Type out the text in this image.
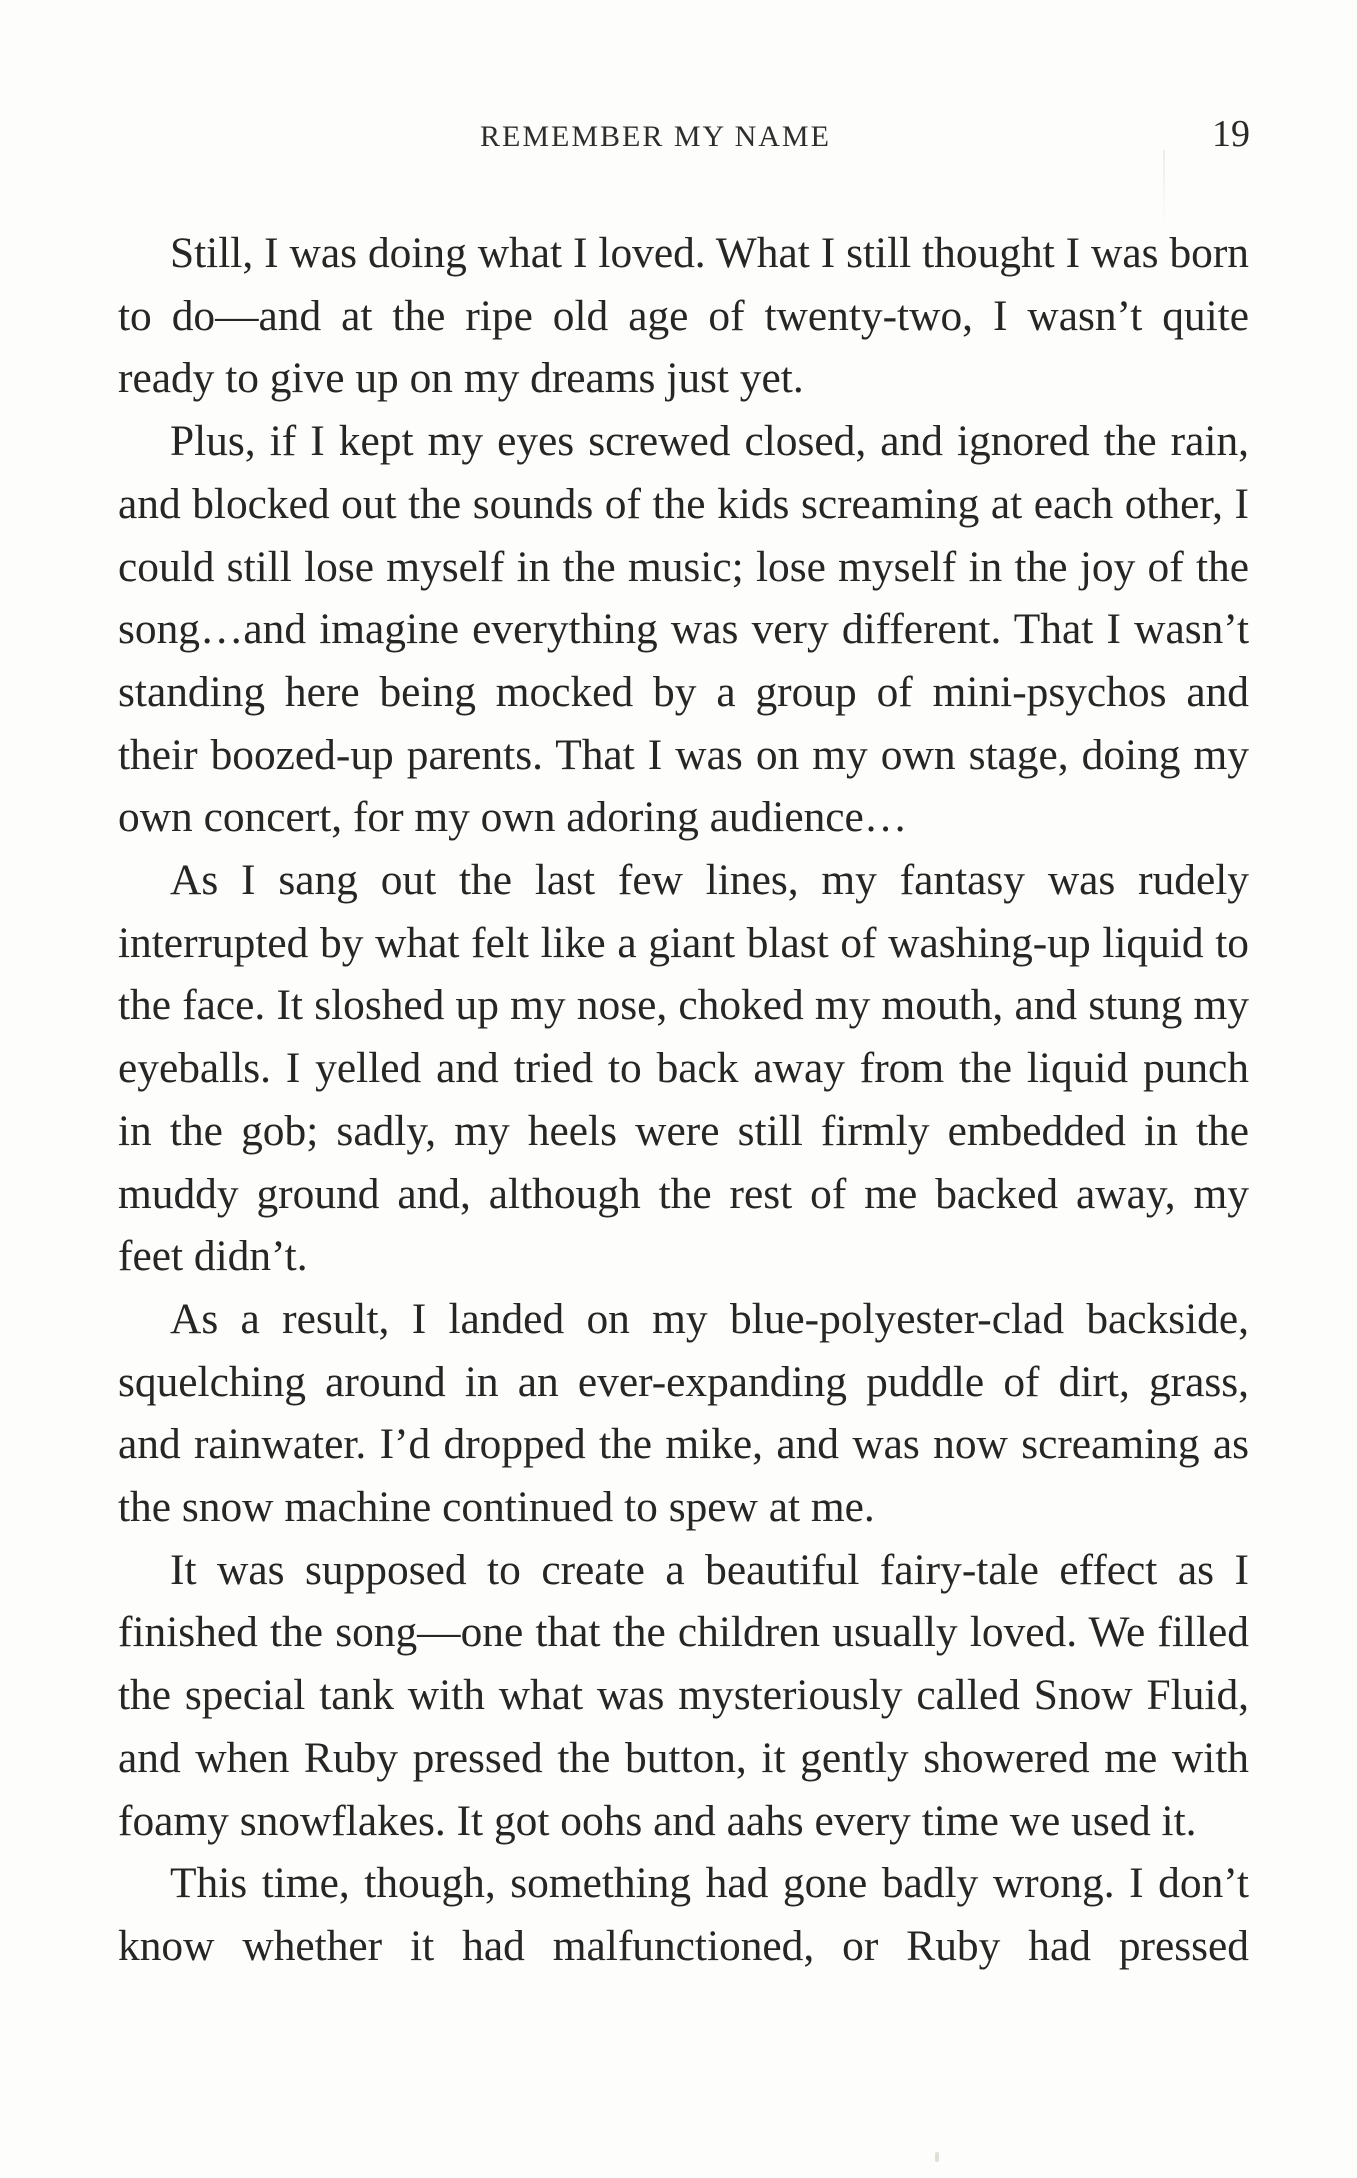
REMEMBER MY NAME	19

Still, I was doing what I loved. What I still thought I was born to do—and at the ripe old age of twenty-two, I wasn’t quite ready to give up on my dreams just yet.

Plus, if I kept my eyes screwed closed, and ignored the rain, and blocked out the sounds of the kids screaming at each other, I could still lose myself in the music; lose myself in the joy of the song…and imagine everything was very different. That I wasn’t standing here being mocked by a group of mini-psychos and their boozed-up parents. That I was on my own stage, doing my own concert, for my own adoring audience…

As I sang out the last few lines, my fantasy was rudely interrupted by what felt like a giant blast of washing-up liquid to the face. It sloshed up my nose, choked my mouth, and stung my eyeballs. I yelled and tried to back away from the liquid punch in the gob; sadly, my heels were still firmly embedded in the muddy ground and, although the rest of me backed away, my feet didn’t.

As a result, I landed on my blue-polyester-clad backside, squelching around in an ever-expanding puddle of dirt, grass, and rainwater. I’d dropped the mike, and was now screaming as the snow machine continued to spew at me.

It was supposed to create a beautiful fairy-tale effect as I finished the song—one that the children usually loved. We filled the special tank with what was mysteriously called Snow Fluid, and when Ruby pressed the button, it gently showered me with foamy snowflakes. It got oohs and aahs every time we used it.

This time, though, something had gone badly wrong. I don’t know whether it had malfunctioned, or Ruby had pressed
